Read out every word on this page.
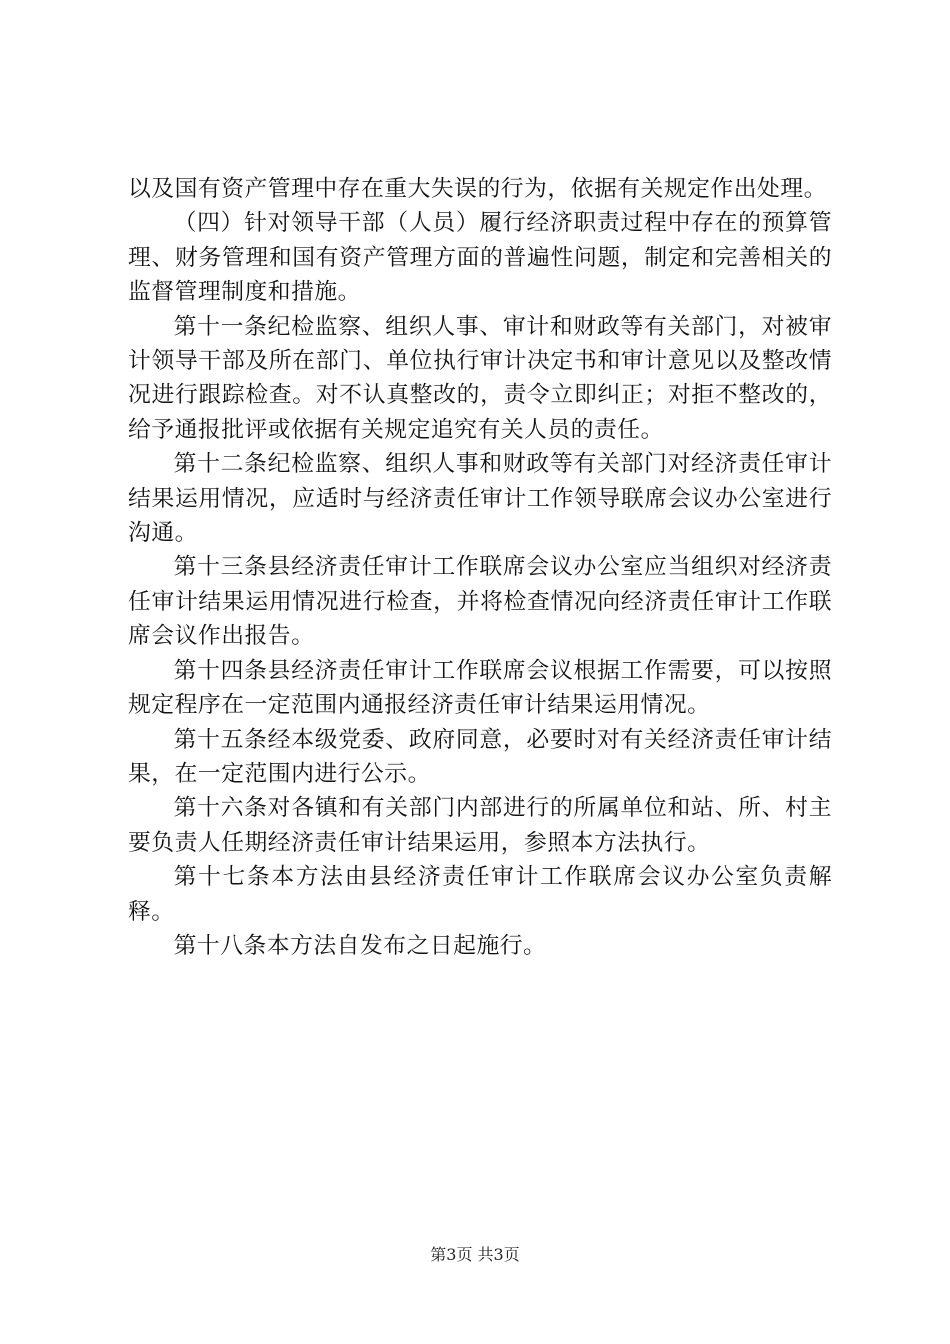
以及国有资产管理中存在重大失误的行为，依据有关规定作出处理。

（四）针对领导干部（人员）履行经济职责过程中存在的预算管理、财务管理和国有资产管理方面的普遍性问题，制定和完善相关的监督管理制度和措施。

第十一条纪检监察、组织人事、审计和财政等有关部门，对被审计领导干部及所在部门、单位执行审计决定书和审计意见以及整改情况进行跟踪检查。对不认真整改的，责令立即纠正；对拒不整改的，给予通报批评或依据有关规定追究有关人员的责任。

第十二条纪检监察、组织人事和财政等有关部门对经济责任审计结果运用情况，应适时与经济责任审计工作领导联席会议办公室进行沟通。

第十三条县经济责任审计工作联席会议办公室应当组织对经济责任审计结果运用情况进行检查，并将检查情况向经济责任审计工作联席会议作出报告。

第十四条县经济责任审计工作联席会议根据工作需要，可以按照规定程序在一定范围内通报经济责任审计结果运用情况。

第十五条经本级党委、政府同意，必要时对有关经济责任审计结果，在一定范围内进行公示。

第十六条对各镇和有关部门内部进行的所属单位和站、所、村主要负责人任期经济责任审计结果运用，参照本方法执行。

第十七条本方法由县经济责任审计工作联席会议办公室负责解释。

第十八条本方法自发布之日起施行。

第3页 共3页
